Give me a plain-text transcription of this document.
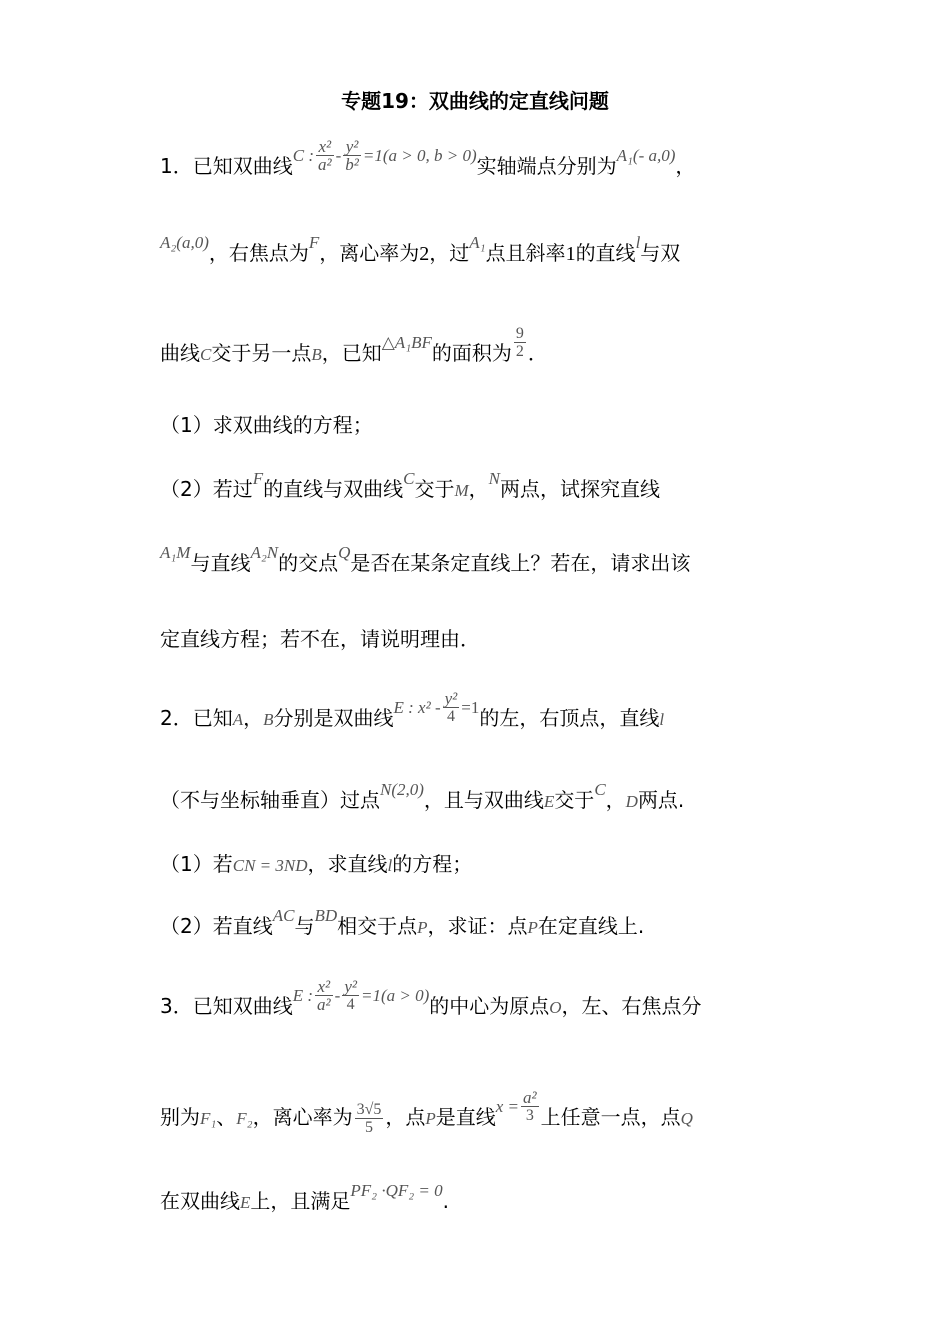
专题19：双曲线的定直线问题
1．已知双曲线C : $\frac{\text{x²}}{\text{a²}} - \frac{\text{y²}}{\text{b²}} =1(a > 0$, b > 0)实轴端点分别为$^{A_1(- a,0)}$，
$^{A_2(a,0)}$，右焦点为$^F$，离心率为2，过$^{A_1}$点且斜率1的直线$^l$与双
曲线C交于另一点B，已知$^{\triangle A_1BF}$的面积为 $\frac{9}{2}$ ．
（1）求双曲线的方程；
（2）若过$^F$的直线与双曲线$^C$交于M，$^N$两点，试探究直线
$^{A_1M}$与直线$^{A_2N}$的交点$^Q$是否在某条定直线上？若在，请求出该
定直线方程；若不在，请说明理由．
2．已知A，B分别是双曲线E : $x^2 - \frac{\text{y²}}{4} =1$的左，右顶点，直线l
（不与坐标轴垂直）过点$^{N(2,0)}$，且与双曲线E交于$^C$，D两点.
（1）若CN = 3ND，求直线l的方程；
（2）若直线$^{AC}$与$^{BD}$相交于点P，求证：点P在定直线上.
3．已知双曲线E : $\frac{\text{x²}}{\text{a²}} - \frac{\text{y²}}{4} =1(a > 0)$的中心为原点O，左、右焦点分
别为F₁、F₂，离心率为 $\frac{3√5}{5}$ ，点P是直线$x = \frac{\text{a²}}{3}$ 上任意一点，点Q
在双曲线E上，且满足$^{PF_2 \cdot QF_2 = 0}$.
